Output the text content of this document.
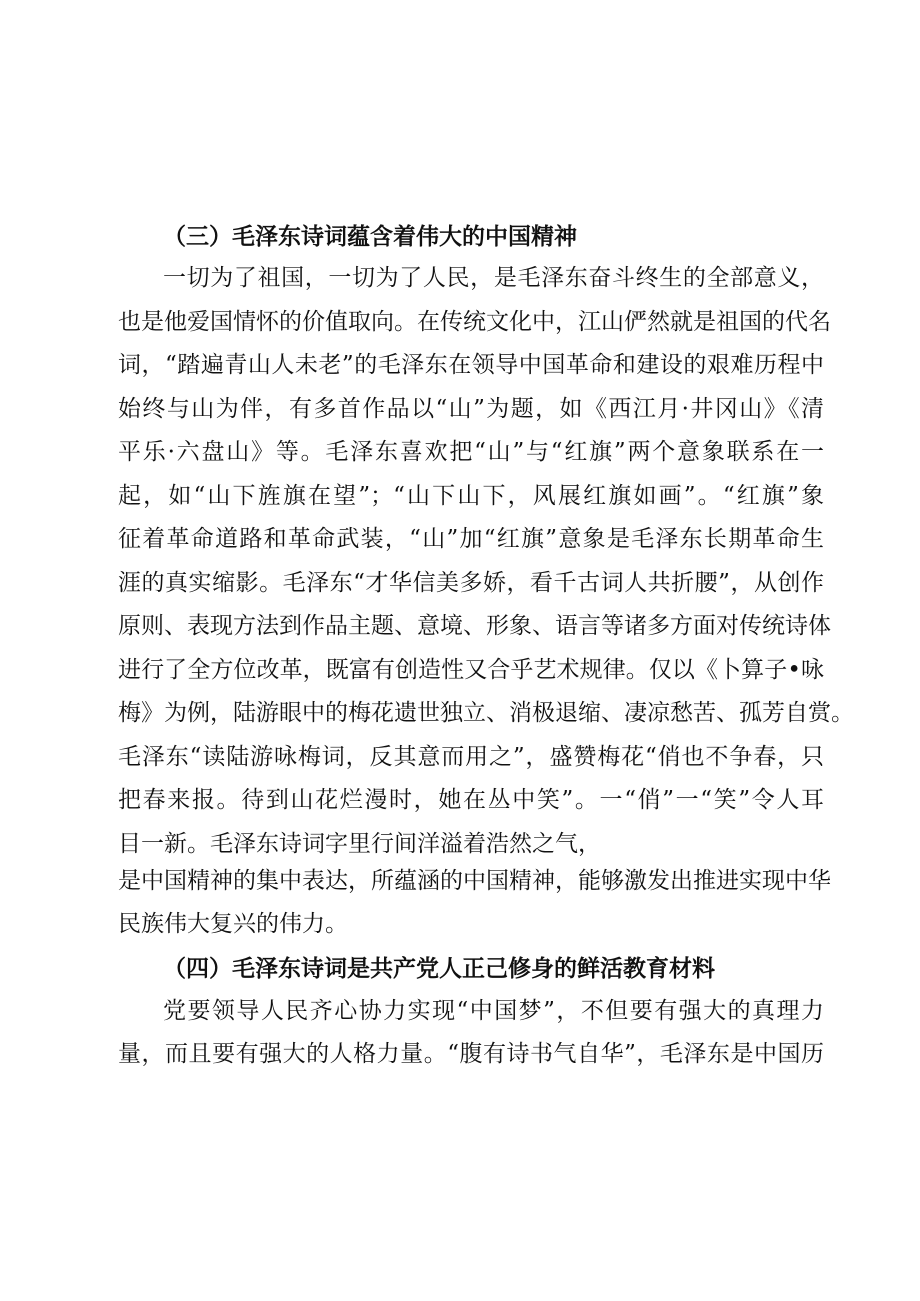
（三）毛泽东诗词蕴含着伟大的中国精神
一切为了祖国，一切为了人民，是毛泽东奋斗终生的全部意义，
也是他爱国情怀的价值取向。在传统文化中，江山俨然就是祖国的代名
词，“踏遍青山人未老”的毛泽东在领导中国革命和建设的艰难历程中
始终与山为伴，有多首作品以“山”为题，如《西江月·井冈山》《清
平乐·六盘山》等。毛泽东喜欢把“山”与“红旗”两个意象联系在一
起，如“山下旌旗在望”；“山下山下，风展红旗如画”。“红旗”象
征着革命道路和革命武装，“山”加“红旗”意象是毛泽东长期革命生
涯的真实缩影。毛泽东“才华信美多娇，看千古词人共折腰”，从创作
原则、表现方法到作品主题、意境、形象、语言等诸多方面对传统诗体
进行了全方位改革，既富有创造性又合乎艺术规律。仅以《卜算子•咏
梅》为例，陆游眼中的梅花遗世独立、消极退缩、凄凉愁苦、孤芳自赏。
毛泽东“读陆游咏梅词，反其意而用之”，盛赞梅花“俏也不争春，只
把春来报。待到山花烂漫时，她在丛中笑”。一“俏”一“笑”令人耳
目一新。毛泽东诗词字里行间洋溢着浩然之气，
是中国精神的集中表达，所蕴涵的中国精神，能够激发出推进实现中华
民族伟大复兴的伟力。
（四）毛泽东诗词是共产党人正己修身的鲜活教育材料
党要领导人民齐心协力实现“中国梦”，不但要有强大的真理力
量，而且要有强大的人格力量。“腹有诗书气自华”，毛泽东是中国历
